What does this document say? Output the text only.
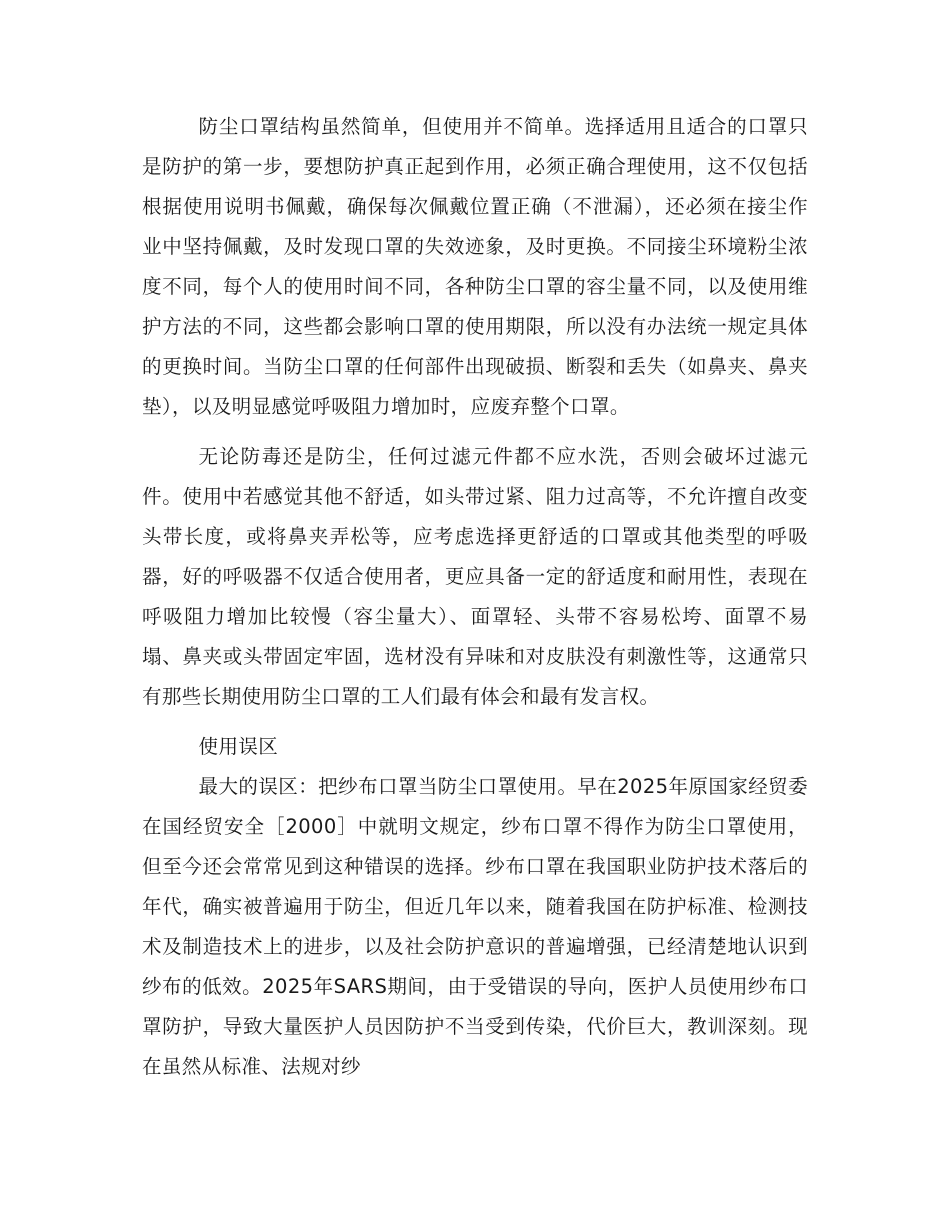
防尘口罩结构虽然简单，但使用并不简单。选择适用且适合的口罩只是防护的第一步，要想防护真正起到作用，必须正确合理使用，这不仅包括根据使用说明书佩戴，确保每次佩戴位置正确（不泄漏），还必须在接尘作业中坚持佩戴，及时发现口罩的失效迹象，及时更换。不同接尘环境粉尘浓度不同，每个人的使用时间不同，各种防尘口罩的容尘量不同，以及使用维护方法的不同，这些都会影响口罩的使用期限，所以没有办法统一规定具体的更换时间。当防尘口罩的任何部件出现破损、断裂和丢失（如鼻夹、鼻夹垫），以及明显感觉呼吸阻力增加时，应废弃整个口罩。

无论防毒还是防尘，任何过滤元件都不应水洗，否则会破坏过滤元件。使用中若感觉其他不舒适，如头带过紧、阻力过高等，不允许擅自改变头带长度，或将鼻夹弄松等，应考虑选择更舒适的口罩或其他类型的呼吸器，好的呼吸器不仅适合使用者，更应具备一定的舒适度和耐用性，表现在呼吸阻力增加比较慢（容尘量大）、面罩轻、头带不容易松垮、面罩不易塌、鼻夹或头带固定牢固，选材没有异味和对皮肤没有刺激性等，这通常只有那些长期使用防尘口罩的工人们最有体会和最有发言权。

使用误区

最大的误区：把纱布口罩当防尘口罩使用。早在2025年原国家经贸委在国经贸安全［2000］中就明文规定，纱布口罩不得作为防尘口罩使用，但至今还会常常见到这种错误的选择。纱布口罩在我国职业防护技术落后的年代，确实被普遍用于防尘，但近几年以来，随着我国在防护标准、检测技术及制造技术上的进步，以及社会防护意识的普遍增强，已经清楚地认识到纱布的低效。2025年SARS期间，由于受错误的导向，医护人员使用纱布口罩防护，导致大量医护人员因防护不当受到传染，代价巨大，教训深刻。现在虽然从标准、法规对纱
